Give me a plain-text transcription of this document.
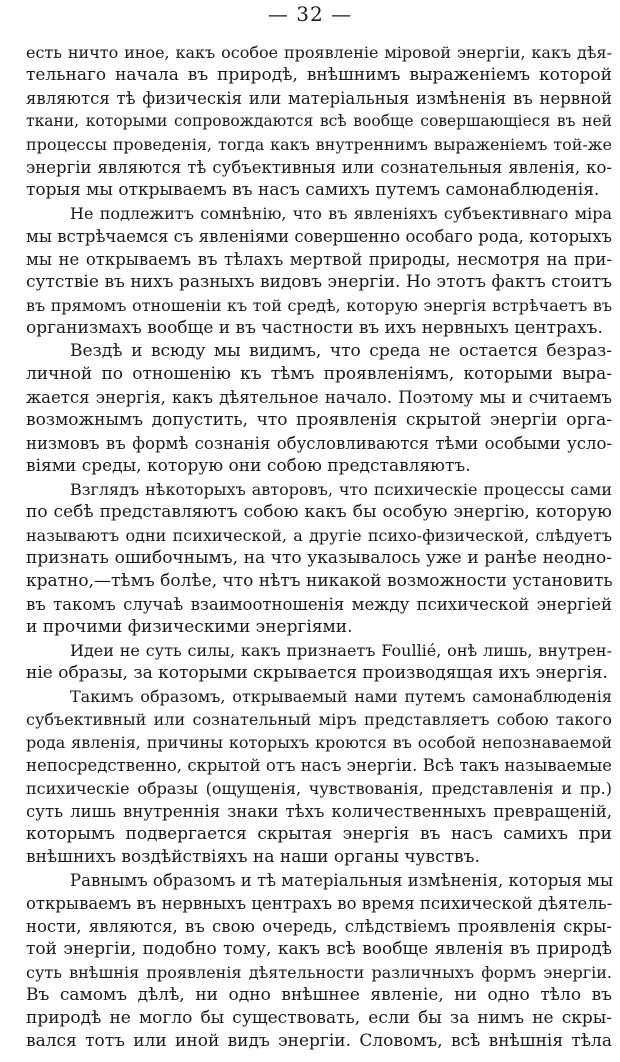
— 32 —
есть ничто иное, какъ особое проявленіе міровой энергіи, какъ дѣя-
тельнаго начала въ природѣ, внѣшнимъ выраженіемъ которой
являются тѣ физическія или матеріальныя измѣненія въ нервной
ткани, которыми сопровождаются всѣ вообще совершающіеся въ ней
процессы проведенія, тогда какъ внутреннимъ выраженіемъ той-же
энергіи являются тѣ субъективныя или сознательныя явленія, ко-
торыя мы открываемъ въ насъ самихъ путемъ самонаблюденія.
Не подлежитъ сомнѣнію, что въ явленіяхъ субъективнаго міра
мы встрѣчаемся съ явленіями совершенно особаго рода, которыхъ
мы не открываемъ въ тѣлахъ мертвой природы, несмотря на при-
сутствіе въ нихъ разныхъ видовъ энергіи. Но этотъ фактъ стоитъ
въ прямомъ отношеніи къ той средѣ, которую энергія встрѣчаетъ въ
организмахъ вообще и въ частности въ ихъ нервныхъ центрахъ.
Вездѣ и всюду мы видимъ, что среда не остается безраз-
личной по отношенію къ тѣмъ проявленіямъ, которыми выра-
жается энергія, какъ дѣятельное начало. Поэтому мы и считаемъ
возможнымъ допустить, что проявленія скрытой энергіи орга-
низмовъ въ формѣ сознанія обусловливаются тѣми особыми усло-
віями среды, которую они собою представляютъ.
Взглядъ нѣкоторыхъ авторовъ, что психическіе процессы сами
по себѣ представляютъ собою какъ бы особую энергію, которую
называютъ одни психической, а другіе психо-физической, слѣдуетъ
признать ошибочнымъ, на что указывалось уже и ранѣе неодно-
кратно,—тѣмъ болѣе, что нѣтъ никакой возможности установить
въ такомъ случаѣ взаимоотношенія между психической энергіей
и прочими физическими энергіями.
Идеи не суть силы, какъ признаетъ Foullié, онѣ лишь, внутрен-
ніе образы, за которыми скрывается производящая ихъ энергія.
Такимъ образомъ, открываемый нами путемъ самонаблюденія
субъективный или сознательный міръ представляетъ собою такого
рода явленія, причины которыхъ кроются въ особой непознаваемой
непосредственно, скрытой отъ насъ энергіи. Всѣ такъ называемые
психическіе образы (ощущенія, чувствованія, представленія и пр.)
суть лишь внутреннія знаки тѣхъ количественныхъ превращеній,
которымъ подвергается скрытая энергія въ насъ самихъ при
внѣшнихъ воздѣйствіяхъ на наши органы чувствъ.
Равнымъ образомъ и тѣ матеріальныя измѣненія, которыя мы
открываемъ въ нервныхъ центрахъ во время психической дѣятель-
ности, являются, въ свою очередь, слѣдствіемъ проявленія скры-
той энергіи, подобно тому, какъ всѣ вообще явленія въ природѣ
суть внѣшнія проявленія дѣятельности различныхъ формъ энергіи.
Въ самомъ дѣлѣ, ни одно внѣшнее явленіе, ни одно тѣло въ
природѣ не могло бы существовать, если бы за нимъ не скры-
вался тотъ или иной видъ энергіи. Словомъ, всѣ внѣшнія тѣла
